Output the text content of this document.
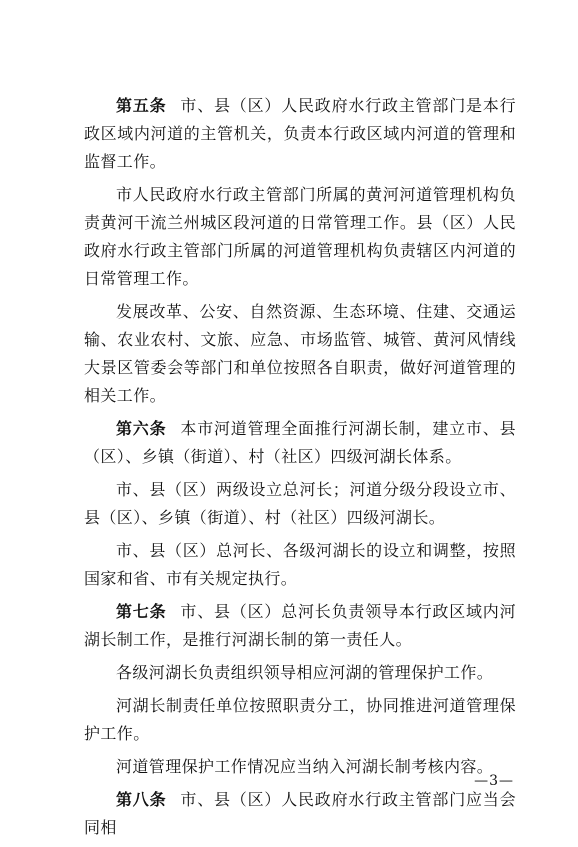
第五条 市、县（区）人民政府水行政主管部门是本行政区域内河道的主管机关，负责本行政区域内河道的管理和监督工作。

市人民政府水行政主管部门所属的黄河河道管理机构负责黄河干流兰州城区段河道的日常管理工作。县（区）人民政府水行政主管部门所属的河道管理机构负责辖区内河道的日常管理工作。

发展改革、公安、自然资源、生态环境、住建、交通运输、农业农村、文旅、应急、市场监管、城管、黄河风情线大景区管委会等部门和单位按照各自职责，做好河道管理的相关工作。

第六条 本市河道管理全面推行河湖长制，建立市、县（区）、乡镇（街道）、村（社区）四级河湖长体系。

市、县（区）两级设立总河长；河道分级分段设立市、县（区）、乡镇（街道）、村（社区）四级河湖长。

市、县（区）总河长、各级河湖长的设立和调整，按照国家和省、市有关规定执行。

第七条 市、县（区）总河长负责领导本行政区域内河湖长制工作，是推行河湖长制的第一责任人。

各级河湖长负责组织领导相应河湖的管理保护工作。

河湖长制责任单位按照职责分工，协同推进河道管理保护工作。

河道管理保护工作情况应当纳入河湖长制考核内容。

第八条 市、县（区）人民政府水行政主管部门应当会同相

—3—
